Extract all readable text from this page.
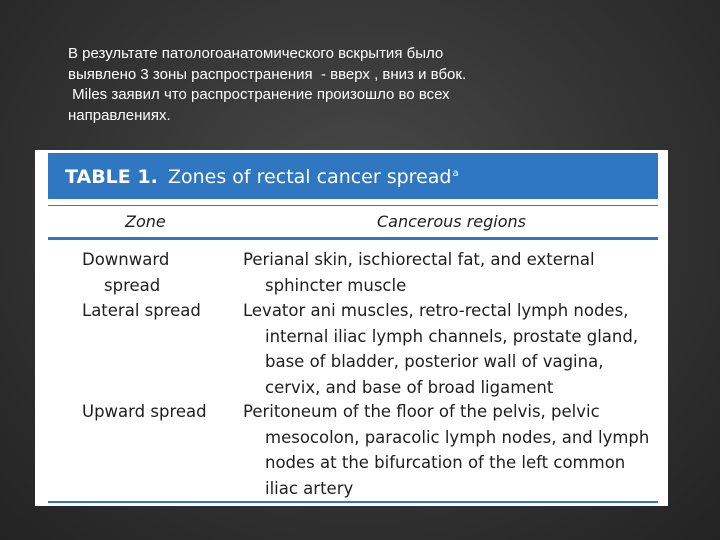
В результате патологоанатомического вскрытия было

выявлено 3 зоны распространения  - вверх , вниз и вбок.

Miles заявил что распространение произошло во всех

направлениях.

TABLE 1. Zones of rectal cancer spread$^a$
Zone	Cancerous regions
Downward
spread
Perianal skin, ischiorectal fat, and external
sphincter muscle
Lateral spread	Levator ani muscles, retro-rectal lymph nodes,
internal iliac lymph channels, prostate gland,
base of bladder, posterior wall of vagina,
cervix, and base of broad ligament
Upward spread Peritoneum of the floor of the pelvis, pelvic
mesocolon, paracolic lymph nodes, and lymph
nodes at the bifurcation of the left common
iliac artery
